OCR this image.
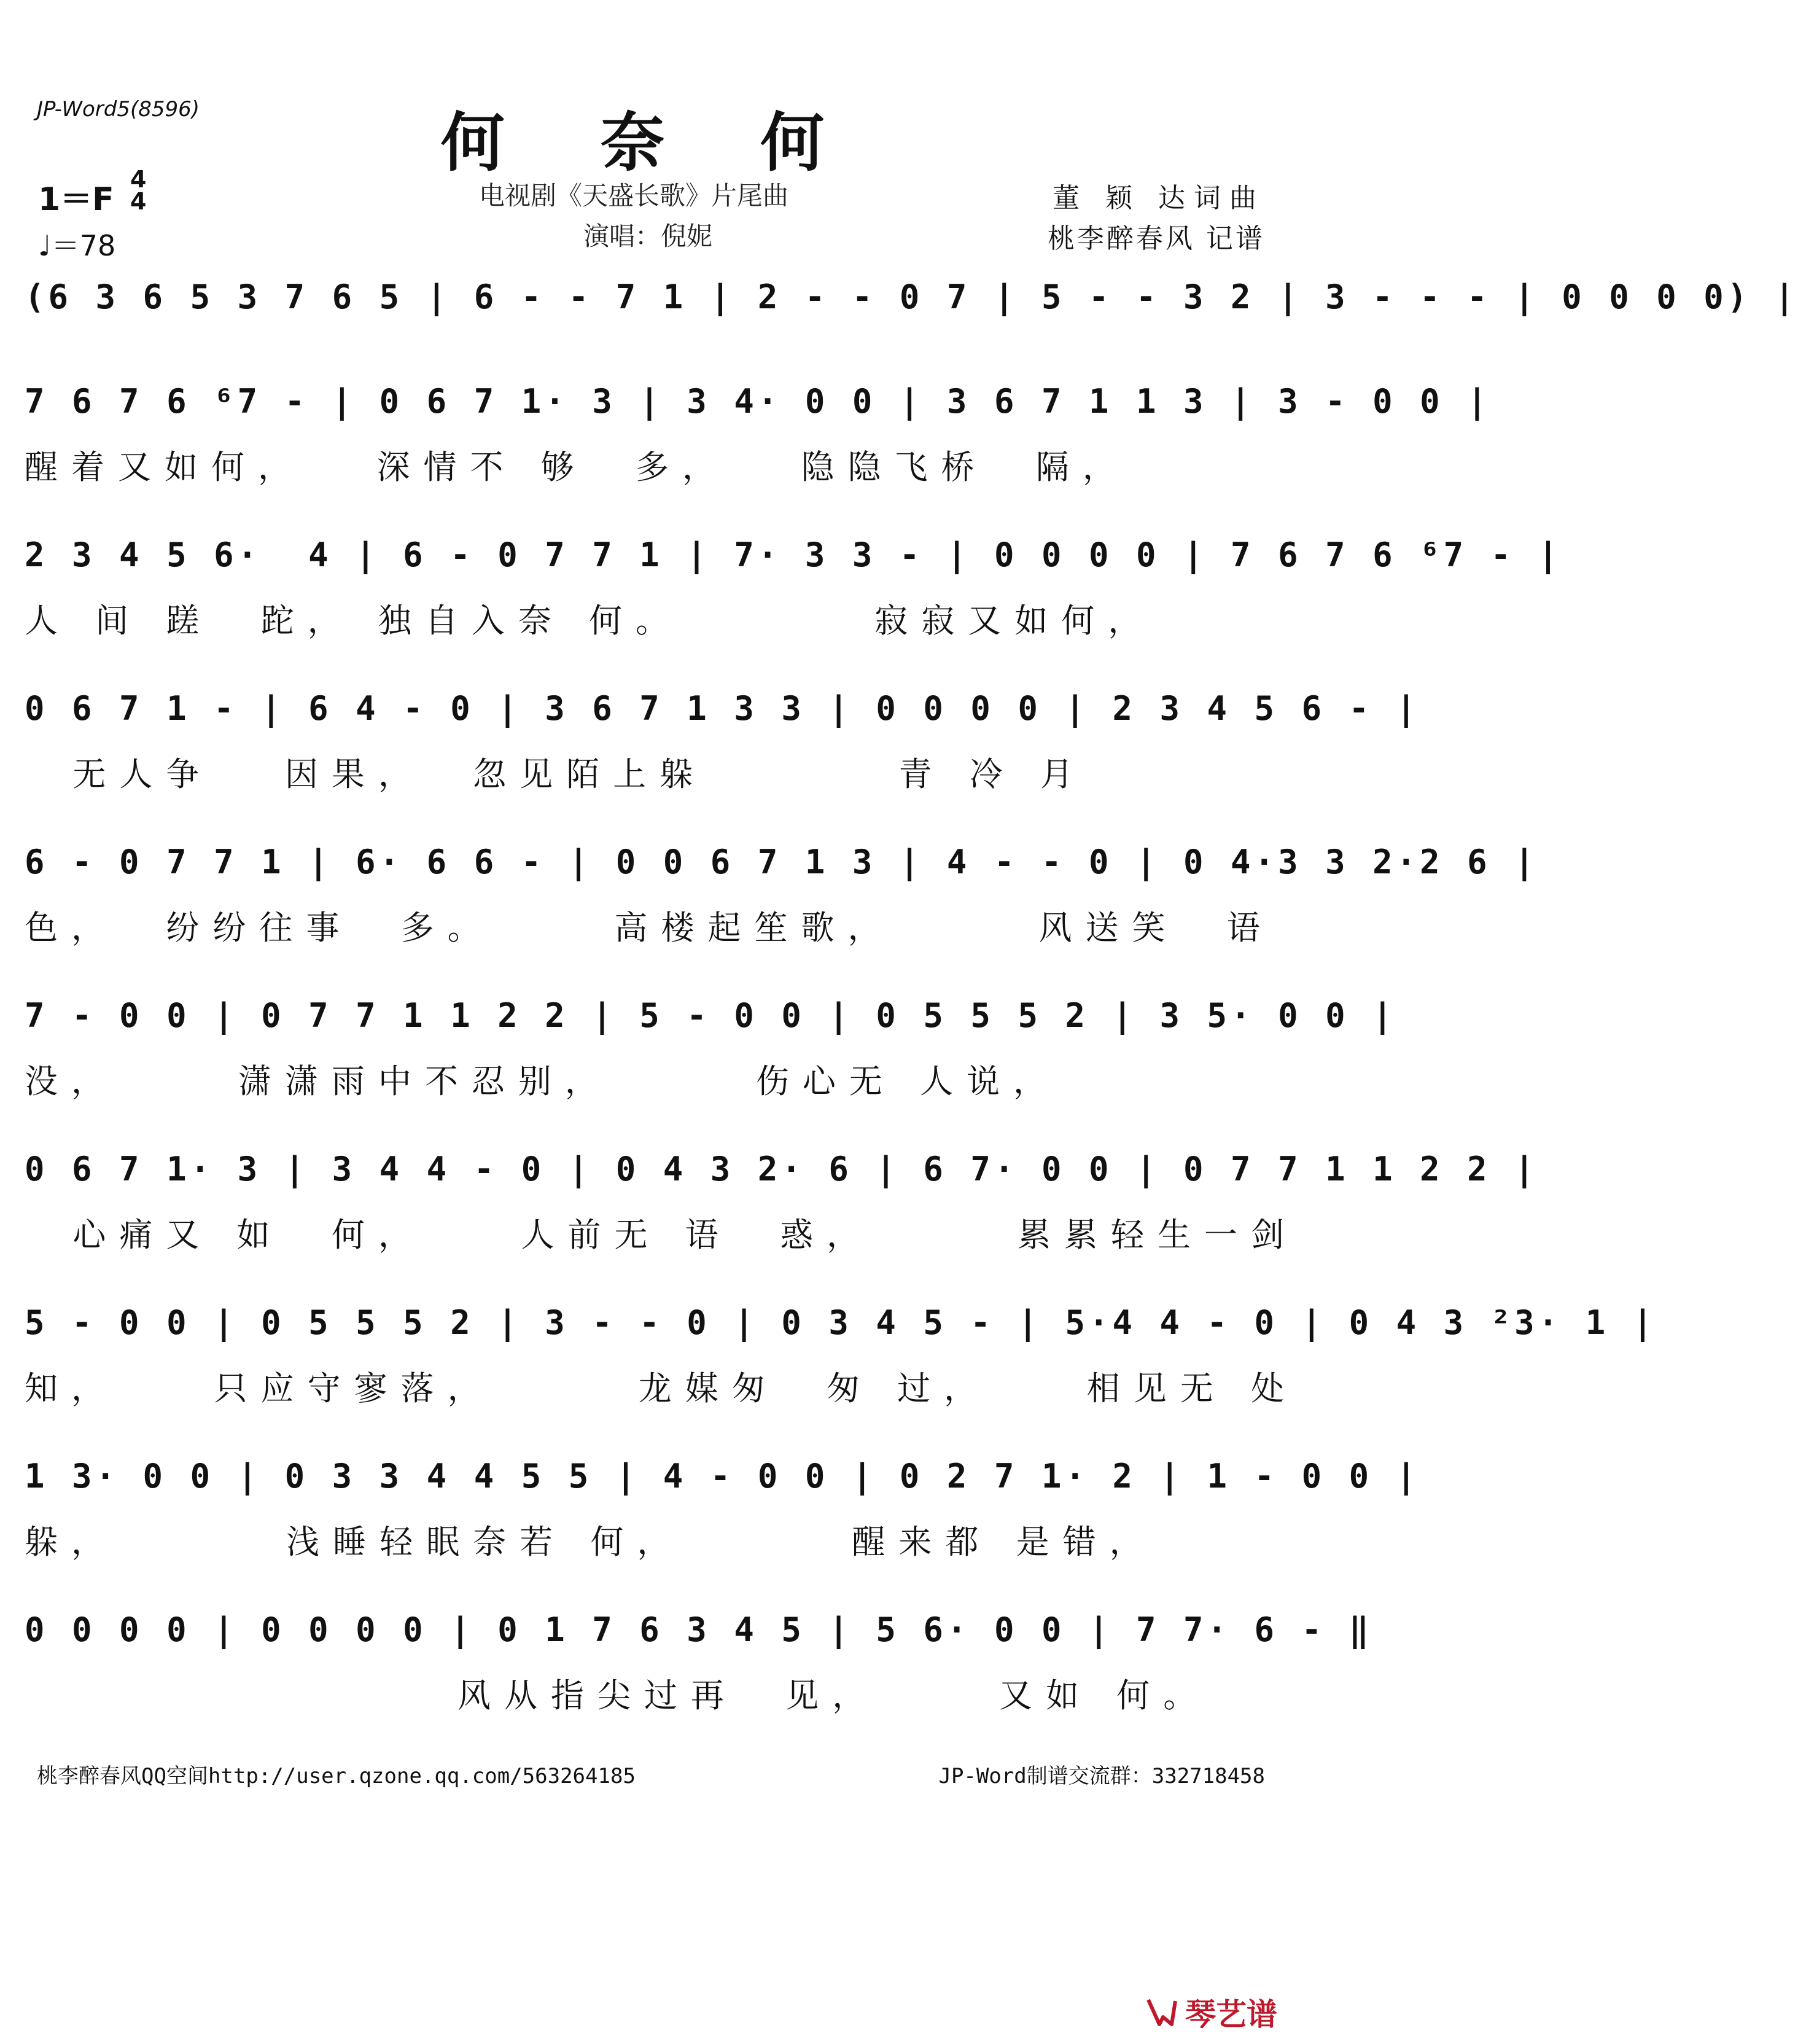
JP-Word5(8596)	何 奈 何
电视剧《天盛长歌》片尾曲
演唱：倪妮
董 颖 达词曲
桃李醉春风 记谱
1＝F
4
4
♩＝78
(6 3 6 5 3 7 6 5 | 6 - - 7 1 | 2 - - 0 7 | 5 - - 3 2 | 3 - - - | 0 0 0 0) |
7 6 7 6 ⁶7 - | 0 6 7 1· 3 | 3 4· 0 0 | 3 6 7 1 1 3 | 3 - 0 0 |
醒着又如何，   深情不 够  多，   隐隐飞桥  隔，
2 3 4 5 6·  4 | 6 - 0 7 7 1 | 7· 3 3 - | 0 0 0 0 | 7 6 7 6 ⁶7 - |
人 间 蹉  跎， 独自入奈 何。        寂寂又如何，
0 6 7 1 - | 6 4 - 0 | 3 6 7 1 3 3 | 0 0 0 0 | 2 3 4 5 6 - |
无人争   因果，  忽见陌上躲        青 冷 月
6 - 0 7 7 1 | 6· 6 6 - | 0 0 6 7 1 3 | 4 - - 0 | 0 4·3 3 2·2 6 |
色，  纷纷往事  多。     高楼起笙歌，      风送笑  语
7 - 0 0 | 0 7 7 1 1 2 2 | 5 - 0 0 | 0 5 5 5 2 | 3 5· 0 0 |
没，     潇潇雨中不忍别，      伤心无 人说，
0 6 7 1· 3 | 3 4 4 - 0 | 0 4 3 2· 6 | 6 7· 0 0 | 0 7 7 1 1 2 2 |
心痛又 如  何，    人前无 语  惑，      累累轻生一剑
5 - 0 0 | 0 5 5 5 2 | 3 - - 0 | 0 3 4 5 - | 5·4 4 - 0 | 0 4 3 ²3· 1 |
知，    只应守寥落，      龙媒匆  匆 过，    相见无 处
1 3· 0 0 | 0 3 3 4 4 5 5 | 4 - 0 0 | 0 2 7 1· 2 | 1 - 0 0 |
躲，       浅睡轻眠奈若 何，       醒来都 是错，
0 0 0 0 | 0 0 0 0 | 0 1 7 6 3 4 5 | 5 6· 0 0 | 7 7· 6 - ‖
风从指尖过再  见，     又如 何。
桃李醉春风QQ空间http://user.qzone.qq.com/563264185	JP-Word制谱交流群：332718458
琴艺谱
